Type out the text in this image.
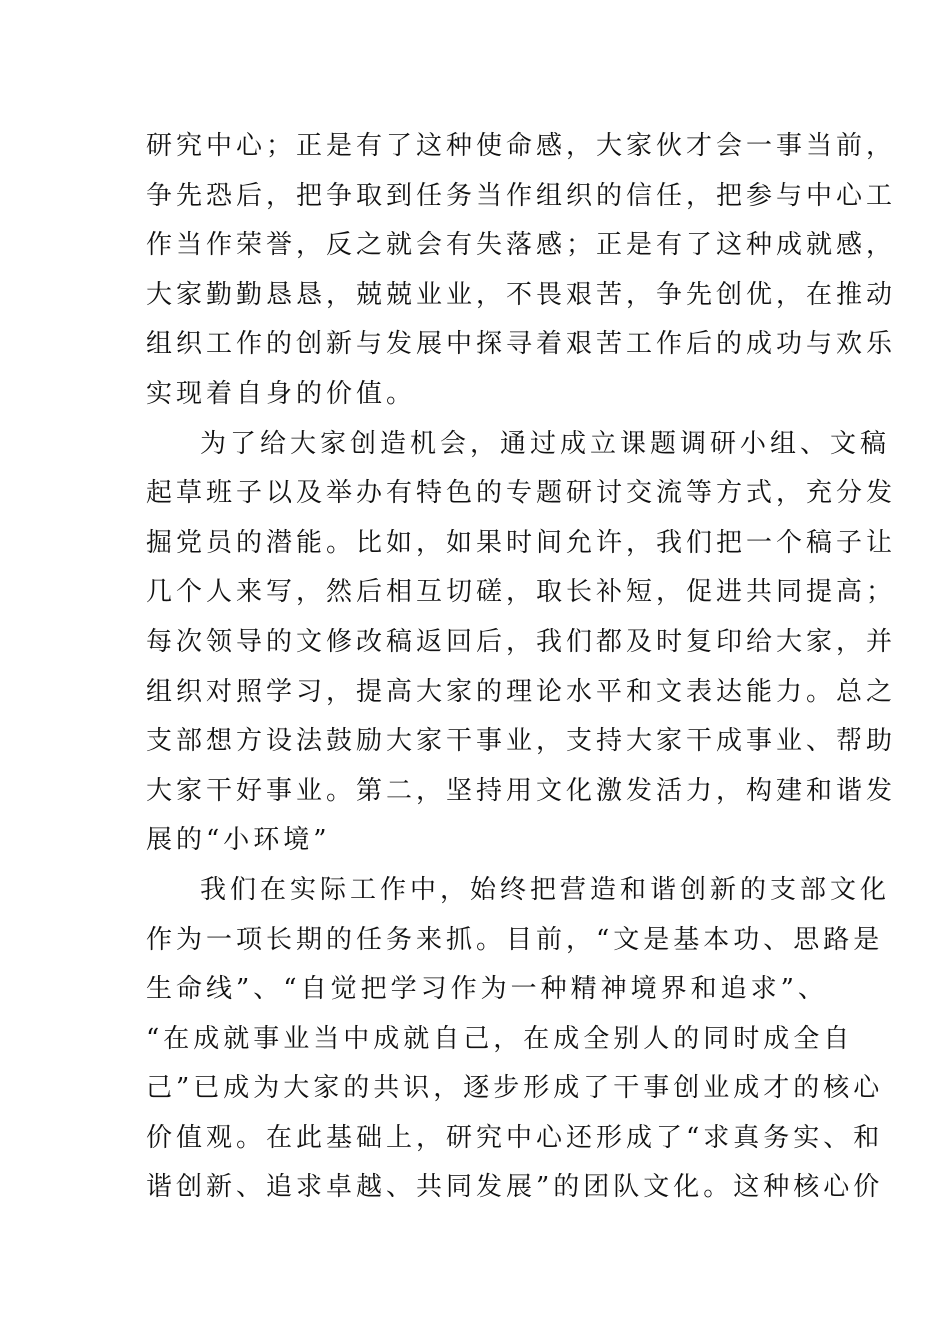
研究中心；正是有了这种使命感，大家伙才会一事当前，
争先恐后，把争取到任务当作组织的信任，把参与中心工
作当作荣誉，反之就会有失落感；正是有了这种成就感，
大家勤勤恳恳，兢兢业业，不畏艰苦，争先创优，在推动
组织工作的创新与发展中探寻着艰苦工作后的成功与欢乐
实现着自身的价值。
为了给大家创造机会，通过成立课题调研小组、文稿
起草班子以及举办有特色的专题研讨交流等方式，充分发
掘党员的潜能。比如，如果时间允许，我们把一个稿子让
几个人来写，然后相互切磋，取长补短，促进共同提高；
每次领导的文修改稿返回后，我们都及时复印给大家，并
组织对照学习，提高大家的理论水平和文表达能力。总之
支部想方设法鼓励大家干事业，支持大家干成事业、帮助
大家干好事业。第二，坚持用文化激发活力，构建和谐发
展的“小环境”
我们在实际工作中，始终把营造和谐创新的支部文化
作为一项长期的任务来抓。目前，“文是基本功、思路是
生命线”、“自觉把学习作为一种精神境界和追求”、
“在成就事业当中成就自己，在成全别人的同时成全自
己”已成为大家的共识，逐步形成了干事创业成才的核心
价值观。在此基础上，研究中心还形成了“求真务实、和
谐创新、追求卓越、共同发展”的团队文化。这种核心价
